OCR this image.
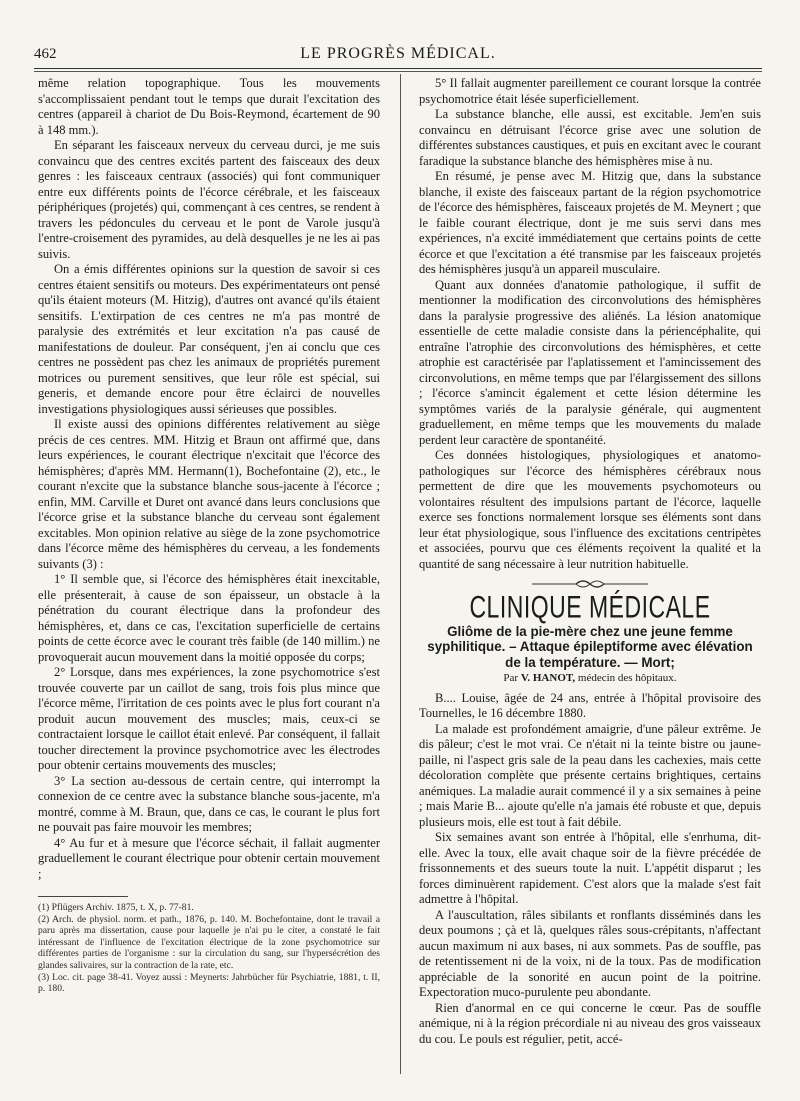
462	LE PROGRÈS MÉDICAL.

même relation topographique. Tous les mouvements s'accomplissaient pendant tout le temps que durait l'excitation des centres (appareil à chariot de Du Bois-Reymond, écartement de 90 à 148 mm.).

En séparant les faisceaux nerveux du cerveau durci, je me suis convaincu que des centres excités partent des faisceaux des deux genres : les faisceaux centraux (associés) qui font communiquer entre eux différents points de l'écorce cérébrale, et les faisceaux périphériques (projetés) qui, commençant à ces centres, se rendent à travers les pédoncules du cerveau et le pont de Varole jusqu'à l'entre-croisement des pyramides, au delà desquelles je ne les ai pas suivis.

On a émis différentes opinions sur la question de savoir si ces centres étaient sensitifs ou moteurs. Des expérimentateurs ont pensé qu'ils étaient moteurs (M. Hitzig), d'autres ont avancé qu'ils étaient sensitifs. L'extirpation de ces centres ne m'a pas montré de paralysie des extrémités et leur excitation n'a pas causé de manifestations de douleur. Par conséquent, j'en ai conclu que ces centres ne possèdent pas chez les animaux de propriétés purement motrices ou purement sensitives, que leur rôle est spécial, sui generis, et demande encore pour être éclairci de nouvelles investigations physiologiques aussi sérieuses que possibles.

Il existe aussi des opinions différentes relativement au siège précis de ces centres. MM. Hitzig et Braun ont affirmé que, dans leurs expériences, le courant électrique n'excitait que l'écorce des hémisphères; d'après MM. Hermann(1), Bochefontaine (2), etc., le courant n'excite que la substance blanche sous-jacente à l'écorce ; enfin, MM. Carville et Duret ont avancé dans leurs conclusions que l'écorce grise et la substance blanche du cerveau sont également excitables. Mon opinion relative au siège de la zone psychomotrice dans l'écorce même des hémisphères du cerveau, a les fondements suivants (3) :

1° Il semble que, si l'écorce des hémisphères était inexcitable, elle présenterait, à cause de son épaisseur, un obstacle à la pénétration du courant électrique dans la profondeur des hémisphères, et, dans ce cas, l'excitation superficielle de certains points de cette écorce avec le courant très faible (de 140 millim.) ne provoquerait aucun mouvement dans la moitié opposée du corps;

2° Lorsque, dans mes expériences, la zone psychomotrice s'est trouvée couverte par un caillot de sang, trois fois plus mince que l'écorce même, l'irritation de ces points avec le plus fort courant n'a produit aucun mouvement des muscles; mais, ceux-ci se contractaient lorsque le caillot était enlevé. Par conséquent, il fallait toucher directement la province psychomotrice avec les électrodes pour obtenir certains mouvements des muscles;

3° La section au-dessous de certain centre, qui interrompt la connexion de ce centre avec la substance blanche sous-jacente, m'a montré, comme à M. Braun, que, dans ce cas, le courant le plus fort ne pouvait pas faire mouvoir les membres;

4° Au fur et à mesure que l'écorce séchait, il fallait augmenter graduellement le courant électrique pour obtenir certain mouvement ;

(1) Pflügers Archiv. 1875, t. X, p. 77-81.
(2) Arch. de physiol. norm. et path., 1876, p. 140. M. Bochefontaine, dont le travail a paru après ma dissertation, cause pour laquelle je n'ai pu le citer, a constaté le fait intéressant de l'influence de l'excitation électrique de la zone psychomotrice sur différentes parties de l'organisme : sur la circulation du sang, sur l'hypersécrétion des glandes salivaires, sur la contraction de la rate, etc.
(3) Loc. cit. page 38-41. Voyez aussi : Meynerts: Jahrbücher für Psychiatrie, 1881, t. II, p. 180.

5° Il fallait augmenter pareillement ce courant lorsque la contrée psychomotrice était lésée superficiellement.

La substance blanche, elle aussi, est excitable. Jem'en suis convaincu en détruisant l'écorce grise avec une solution de différentes substances caustiques, et puis en excitant avec le courant faradique la substance blanche des hémisphères mise à nu.

En résumé, je pense avec M. Hitzig que, dans la substance blanche, il existe des faisceaux partant de la région psychomotrice de l'écorce des hémisphères, faisceaux projetés de M. Meynert ; que le faible courant électrique, dont je me suis servi dans mes expériences, n'a excité immédiatement que certains points de cette écorce et que l'excitation a été transmise par les faisceaux projetés des hémisphères jusqu'à un appareil musculaire.

Quant aux données d'anatomie pathologique, il suffit de mentionner la modification des circonvolutions des hémisphères dans la paralysie progressive des aliénés. La lésion anatomique essentielle de cette maladie consiste dans la périencéphalite, qui entraîne l'atrophie des circonvolutions des hémisphères, et cette atrophie est caractérisée par l'aplatissement et l'amincissement des circonvolutions, en même temps que par l'élargissement des sillons ; l'écorce s'amincit également et cette lésion détermine les symptômes variés de la paralysie générale, qui augmentent graduellement, en même temps que les mouvements du malade perdent leur caractère de spontanéité.

Ces données histologiques, physiologiques et anatomo-pathologiques sur l'écorce des hémisphères cérébraux nous permettent de dire que les mouvements psychomoteurs ou volontaires résultent des impulsions partant de l'écorce, laquelle exerce ses fonctions normalement lorsque ses éléments sont dans leur état physiologique, sous l'influence des excitations centripètes et associées, pourvu que ces éléments reçoivent la qualité et la quantité de sang nécessaire à leur nutrition habituelle.

CLINIQUE MÉDICALE

Gliôme de la pie-mère chez une jeune femme syphilitique. – Attaque épileptiforme avec élévation de la température. — Mort;

Par V. HANOT, médecin des hôpitaux.

B.... Louise, âgée de 24 ans, entrée à l'hôpital provisoire des Tournelles, le 16 décembre 1880.

La malade est profondément amaigrie, d'une pâleur extrême. Je dis pâleur; c'est le mot vrai. Ce n'était ni la teinte bistre ou jaune-paille, ni l'aspect gris sale de la peau dans les cachexies, mais cette décoloration complète que présente certains brightiques, certains anémiques. La maladie aurait commencé il y a six semaines à peine ; mais Marie B... ajoute qu'elle n'a jamais été robuste et que, depuis plusieurs mois, elle est tout à fait débile.

Six semaines avant son entrée à l'hôpital, elle s'enrhuma, dit-elle. Avec la toux, elle avait chaque soir de la fièvre précédée de frissonnements et des sueurs toute la nuit. L'appétit disparut ; les forces diminuèrent rapidement. C'est alors que la malade s'est fait admettre à l'hôpital.

A l'auscultation, râles sibilants et ronflants disséminés dans les deux poumons ; çà et là, quelques râles sous-crépitants, n'affectant aucun maximum ni aux bases, ni aux sommets. Pas de souffle, pas de retentissement ni de la voix, ni de la toux. Pas de modification appréciable de la sonorité en aucun point de la poitrine. Expectoration muco-purulente peu abondante.

Rien d'anormal en ce qui concerne le cœur. Pas de souffle anémique, ni à la région précordiale ni au niveau des gros vaisseaux du cou. Le pouls est régulier, petit, accé-
